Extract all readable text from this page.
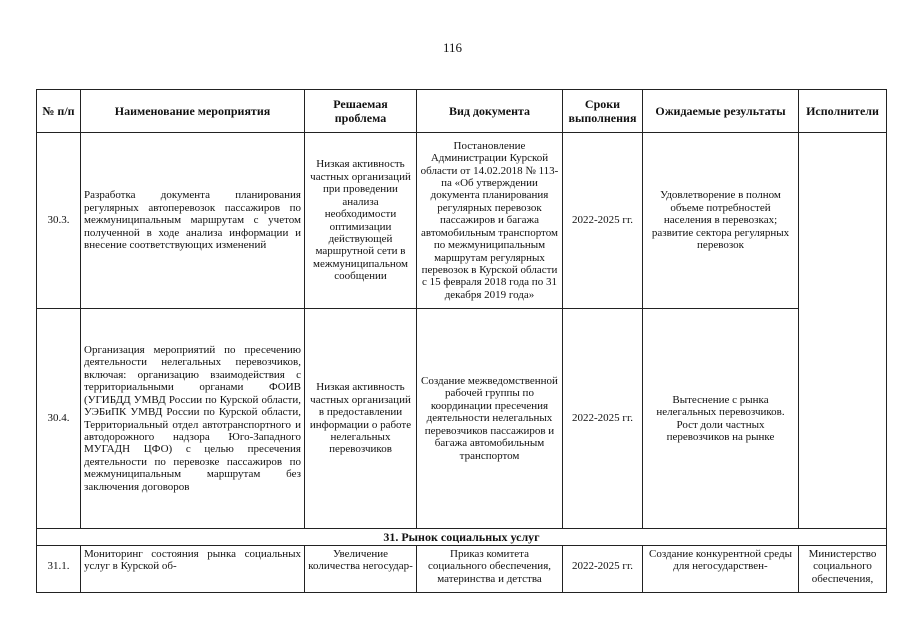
116
№ п/п	Наименование мероприятия	Решаемая проблема	Вид документа	Сроки выполнения	Ожидаемые результаты	Исполнители
30.3.	Разработка документа планирования регулярных автоперевозок пассажиров по межмуниципальным маршрутам с учетом полученной в ходе анализа информации и внесение соответствующих изменений	Низкая активность частных организаций при проведении анализа необходимости оптимизации действующей маршрутной сети в межмуниципальном сообщении	Постановление Администрации Курской области от 14.02.2018 № 113-па «Об утверждении документа планирования регулярных перевозок пассажиров и багажа автомобильным транспортом по межмуниципальным маршрутам регулярных перевозок в Курской области с 15 февраля 2018 года по 31 декабря 2019 года»	2022-2025 гг.	Удовлетворение в полном объеме потребностей населения в перевозках; развитие сектора регулярных перевозок	
30.4.	Организация мероприятий по пресечению деятельности нелегальных перевозчиков, включая: организацию взаимодействия с территориальными органами ФОИВ (УГИБДД УМВД России по Курской области, УЭБиПК УМВД России по Курской области, Территориальный отдел автотранспортного и автодорожного надзора Юго-Западного МУГАДН ЦФО) с целью пресечения деятельности по перевозке пассажиров по межмуниципальным маршрутам без заключения договоров	Низкая активность частных организаций в предоставлении информации о работе нелегальных перевозчиков	Создание межведомственной рабочей группы по координации пресечения деятельности нелегальных перевозчиков пассажиров и багажа автомобильным транспортом	2022-2025 гг.	Вытеснение с рынка нелегальных перевозчиков. Рост доли частных перевозчиков на рынке	
31. Рынок социальных услуг						

31.1.	Мониторинг состояния рынка социальных услуг в Курской об-	Увеличение количества негосудар-	Приказ комитета социального обеспечения, материнства и детства	2022-2025 гг.	Создание конкурентной среды для негосударствен-	Министерство социального обеспечения,
